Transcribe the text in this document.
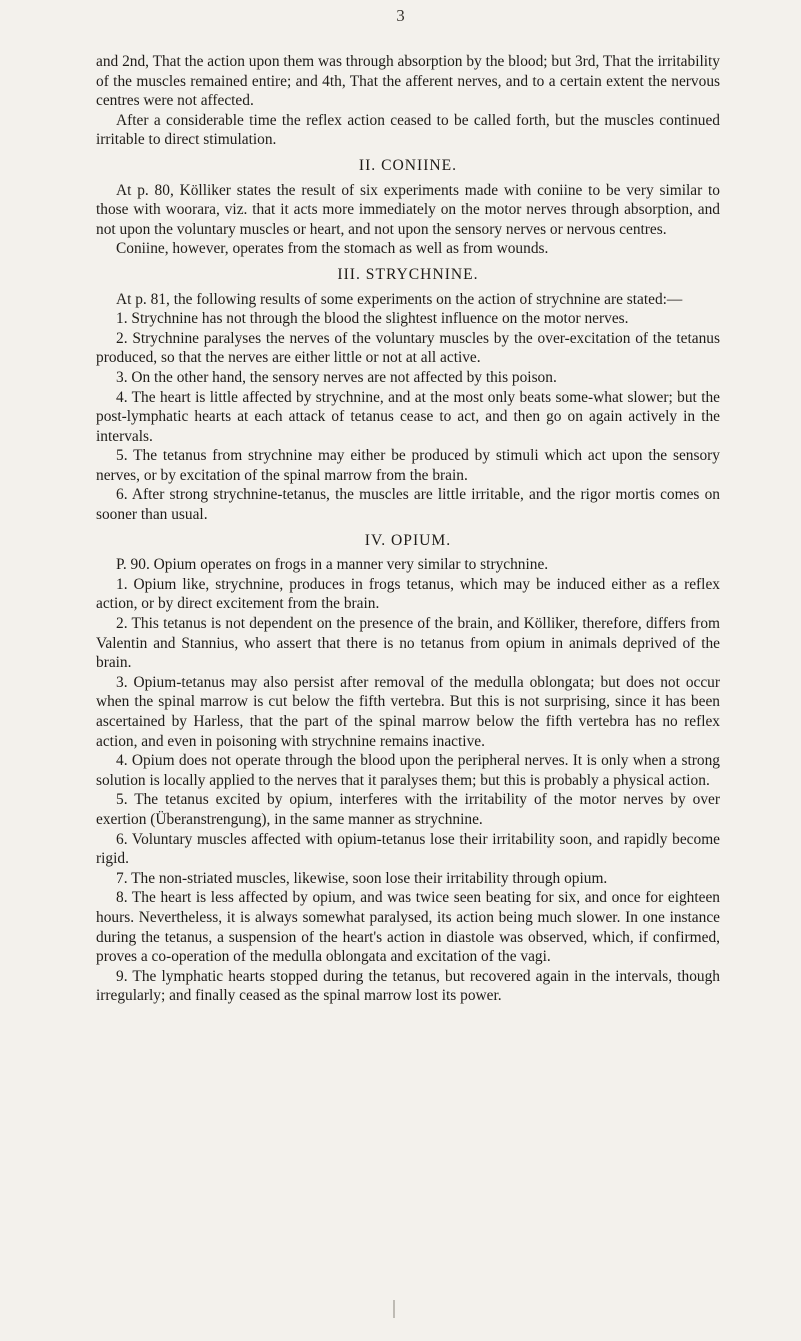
3

and 2nd, That the action upon them was through absorption by the blood; but 3rd, That the irritability of the muscles remained entire; and 4th, That the afferent nerves, and to a certain extent the nervous centres were not affected.

After a considerable time the reflex action ceased to be called forth, but the muscles continued irritable to direct stimulation.

II. CONIINE.

At p. 80, Kölliker states the result of six experiments made with coniine to be very similar to those with woorara, viz. that it acts more immediately on the motor nerves through absorption, and not upon the voluntary muscles or heart, and not upon the sensory nerves or nervous centres.

Coniine, however, operates from the stomach as well as from wounds.

III. STRYCHNINE.

At p. 81, the following results of some experiments on the action of strychnine are stated:—

1. Strychnine has not through the blood the slightest influence on the motor nerves.
2. Strychnine paralyses the nerves of the voluntary muscles by the over-excitation of the tetanus produced, so that the nerves are either little or not at all active.
3. On the other hand, the sensory nerves are not affected by this poison.
4. The heart is little affected by strychnine, and at the most only beats some-what slower; but the post-lymphatic hearts at each attack of tetanus cease to act, and then go on again actively in the intervals.
5. The tetanus from strychnine may either be produced by stimuli which act upon the sensory nerves, or by excitation of the spinal marrow from the brain.
6. After strong strychnine-tetanus, the muscles are little irritable, and the rigor mortis comes on sooner than usual.
IV. OPIUM.

P. 90. Opium operates on frogs in a manner very similar to strychnine.

1. Opium like, strychnine, produces in frogs tetanus, which may be induced either as a reflex action, or by direct excitement from the brain.
2. This tetanus is not dependent on the presence of the brain, and Kölliker, therefore, differs from Valentin and Stannius, who assert that there is no tetanus from opium in animals deprived of the brain.
3. Opium-tetanus may also persist after removal of the medulla oblongata; but does not occur when the spinal marrow is cut below the fifth vertebra. But this is not surprising, since it has been ascertained by Harless, that the part of the spinal marrow below the fifth vertebra has no reflex action, and even in poisoning with strychnine remains inactive.
4. Opium does not operate through the blood upon the peripheral nerves. It is only when a strong solution is locally applied to the nerves that it paralyses them; but this is probably a physical action.
5. The tetanus excited by opium, interferes with the irritability of the motor nerves by over exertion (Überanstrengung), in the same manner as strychnine.
6. Voluntary muscles affected with opium-tetanus lose their irritability soon, and rapidly become rigid.
7. The non-striated muscles, likewise, soon lose their irritability through opium.
8. The heart is less affected by opium, and was twice seen beating for six, and once for eighteen hours. Nevertheless, it is always somewhat paralysed, its action being much slower. In one instance during the tetanus, a suspension of the heart's action in diastole was observed, which, if confirmed, proves a co-operation of the medulla oblongata and excitation of the vagi.
9. The lymphatic hearts stopped during the tetanus, but recovered again in the intervals, though irregularly; and finally ceased as the spinal marrow lost its power.
